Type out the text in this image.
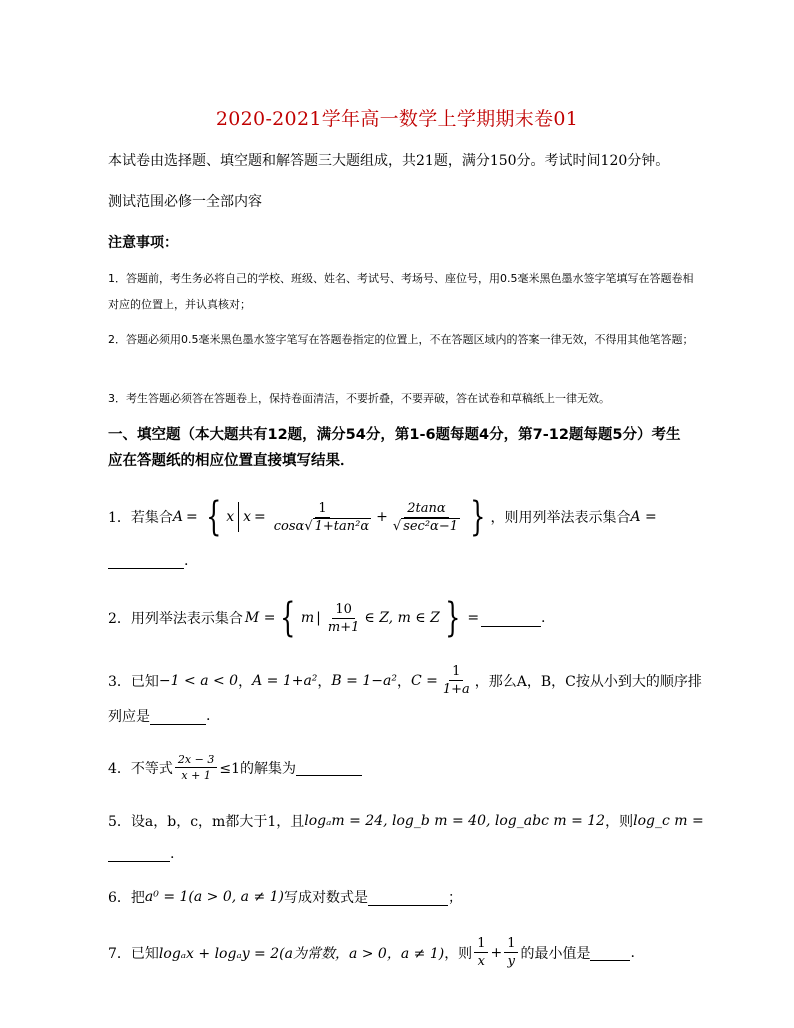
2020-2021学年高一数学上学期期末卷01
本试卷由选择题、填空题和解答题三大题组成，共21题，满分150分。考试时间120分钟。
测试范围必修一全部内容
注意事项：
1．答题前，考生务必将自己的学校、班级、姓名、考试号、考场号、座位号，用0.5毫米黑色墨水签字笔填写在答题卷相对应的位置上，并认真核对；
2．答题必须用0.5毫米黑色墨水签字笔写在答题卷指定的位置上，不在答题区域内的答案一律无效，不得用其他笔答题；
3．考生答题必须答在答题卷上，保持卷面清洁，不要折叠，不要弄破，答在试卷和草稿纸上一律无效。
一、填空题（本大题共有12题，满分54分，第1-6题每题4分，第7-12题每题5分）考生应在答题纸的相应位置直接填写结果．
1．若集合 A = { x $x = \frac{1}{\text{cosα√ 1+tan²α}} + \frac{2\tan\alpha}{\text{√ sec²α−1}}$ } ，则用列举法表示集合 A =
.
2．用列举法表示集合 M = { m | $\frac{10}{m+1}$ ∈ Z, m ∈ Z } =	.
3．已知 −1 < a < 0 ， A = 1+a² ， B = 1−a² ， $C = \frac{1}{1+a}$ ，那么A，B，C按从小到大的顺序排
列应是	.
4．不等式 $\frac{2x - 3}{x + 1} \le 1$的解集为
5．设a，b，c，m都大于1，且 logₐm = 24, log_b m = 40, log_abc m = 12 ，则 log_c m =
.
6．把 a⁰ = 1(a > 0, a ≠ 1) 写成对数式是	；
7．已知 logₐx + logₐy = 2(a为常数，a > 0，a ≠ 1) ，则 $\frac{1}{x} + \frac{1}{y}$ 的最小值是	.
